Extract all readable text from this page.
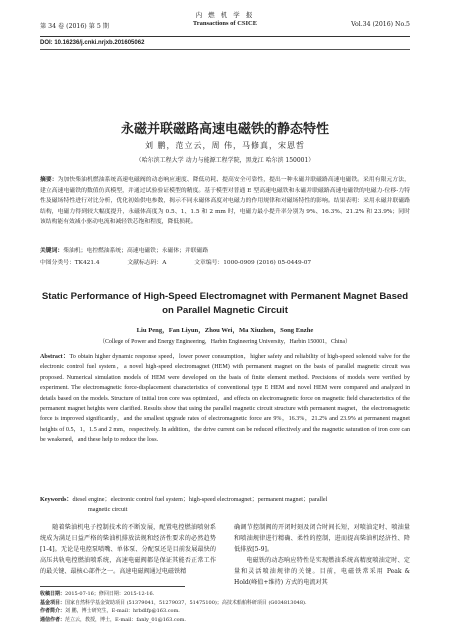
第 34 卷 (2016) 第 5 期
内 燃 机 学 报
Transactions of CSICE	Vol.34 (2016) No.5
DOI: 10.16236/j.cnki.nrjxb.201605062
永磁并联磁路高速电磁铁的静态特性
刘 鹏，范立云，周 伟，马修真，宋恩哲
（哈尔滨工程大学 动力与能源工程学院，黑龙江 哈尔滨 150001）
摘要：为加快柴油机燃油系统高速电磁阀的动态响应速度、降低功耗、提高安全可靠性，提出一种永磁并联磁路高速电磁铁。采用有限元方法，建立高速电磁铁的数值仿真模型，并通过试验验证模型的精度。基于模型对普通 E 型高速电磁铁和永磁并联磁路高速电磁铁的电磁力-位移-力特性及磁场特性进行对比分析，优化初始供电参数，揭示不同永磁体高度对电磁力的作用规律和对磁场特性的影响。结果表明：采用永磁并联磁路结构，电磁力得到较大幅度提升，永磁体高度为 0.5、1、1.5 和 2 mm 时，电磁力最小提升率分别为 9%、16.3%、21.2% 和 23.9%；同时该结构能有效减小驱动电流和减轻铁芯饱和程度，降低损耗。
关键词：柴油机；电控燃油系统；高速电磁铁；永磁体；并联磁路
中图分类号：TK421.4	文献标志码：A	文章编号：1000-0909 (2016) 05-0449-07
Static Performance of High-Speed Electromagnet with Permanent Magnet Based on Parallel Magnetic Circuit
Liu Peng，Fan Liyun，Zhou Wei，Ma Xiuzhen，Song Enzhe
（College of Power and Energy Engineering，Harbin Engineering University，Harbin 150001，China）
Abstract：To obtain higher dynamic response speed，lower power consumption，higher safety and reliability of high-speed solenoid valve for the electronic control fuel system，a novel high-speed electromagnet (HEM) with permanent magnet on the basis of parallel magnetic circuit was proposed. Numerical simulation models of HEM were developed on the basis of finite element method. Precisions of models were verified by experiment. The electromagnetic force-displacement characteristics of conventional type E HEM and novel HEM were compared and analyzed in details based on the models. Structure of initial iron core was optimized，and effects on electromagnetic force on magnetic field characteristics of the permanent magnet heights were clarified. Results show that using the parallel magnetic circuit structure with permanent magnet，the electromagnetic force is improved significantly，and the smallest upgrade rates of electromagnetic force are 9%，16.3%，21.2% and 23.9% at permanent magnet heights of 0.5，1，1.5 and 2 mm，respectively. In addition，the drive current can be reduced effectively and the magnetic saturation of iron core can be weakened，and these help to reduce the loss.
Keywords：diesel engine；electronic control fuel system；high-speed electromagnet；permanent magnet；parallel
magnetic circuit

随着柴油机电子控制技术的不断发展，配置电控燃油喷射系统成为满足日益严格的柴油机排放法规和经济性要求的必然趋势[1-4]。无论是电控泵喷嘴、单体泵、分配泵还是目前发展最快的高压共轨电控燃油喷系统，高速电磁阀都是保证其能否正常工作的最关键、最核心部件之一。高速电磁阀通过电磁铁精

确调节控制阀的开闭时刻及闭合时间长短，对喷油定时、喷油量和喷油规律进行精确、柔性的控制，进而提高柴油机经济性、降低排放[5-9]。

电磁铁的动态响应特性是实现燃油系统高精度喷油定时、定量和灵活喷油规律的关键。目前，电磁铁常采用 Peak & Hold(峰值+维持) 方式的电流对其

收稿日期：2015-07-16；修回日期：2015-12-16.
基金项目：国家自然科学基金资助项目 (51379041，51279037，51475100)；高技术船舶科研项目 (G034813048).
作者简介：刘 鹏，博士研究生，E-mail：hrbdlfp@163.com.
通信作者：范立云，教授，博士，E-mail：fanly_01@163.com.
